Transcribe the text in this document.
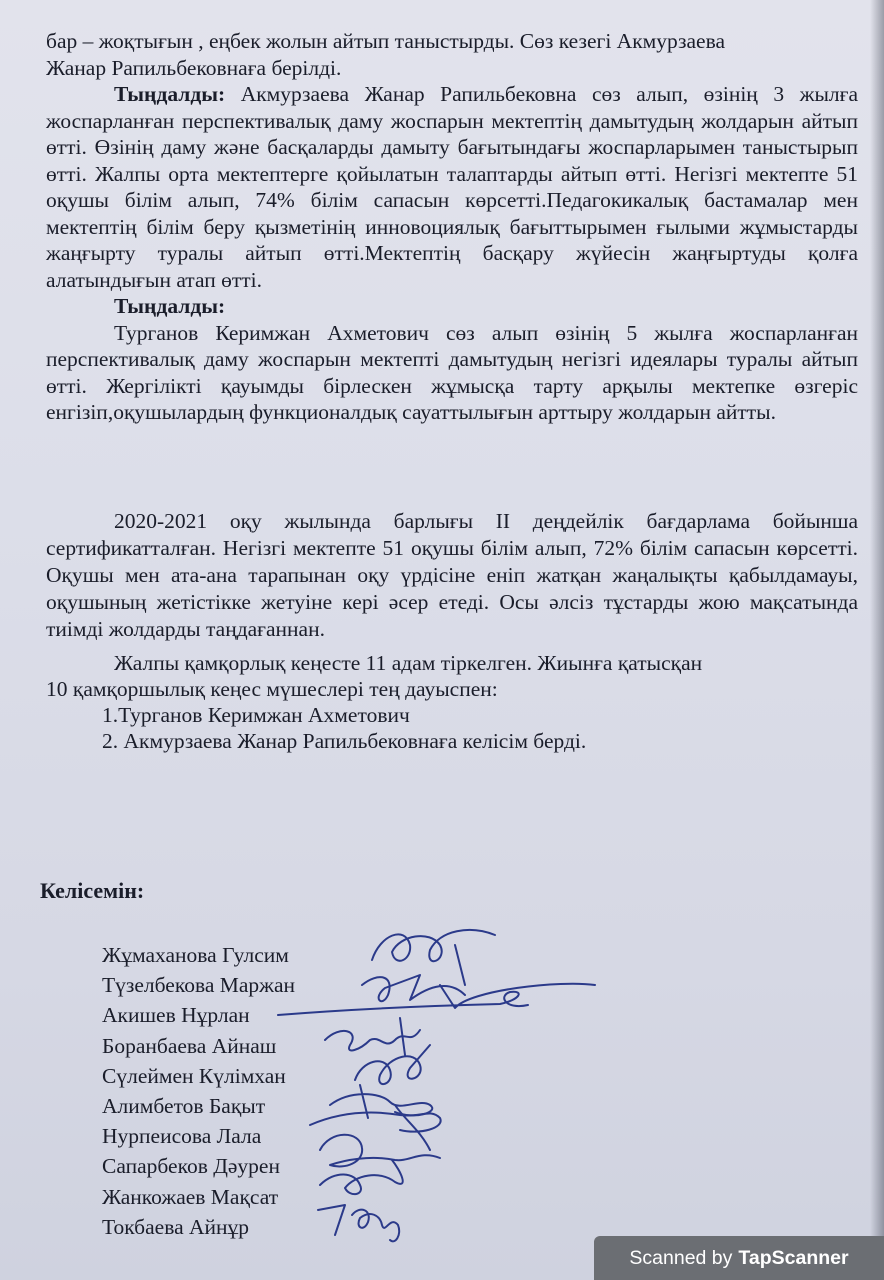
бар – жоқтығын , еңбек жолын айтып таныстырды. Сөз кезегі Акмурзаева

Жанар Рапильбековнаға берілді.

Тыңдалды: Акмурзаева Жанар Рапильбековна сөз алып, өзінің 3 жылға жоспарланған перспективалық даму жоспарын мектептің дамытудың жолдарын айтып өтті. Өзінің даму және басқаларды дамыту бағытындағы жоспарларымен таныстырып өтті. Жалпы орта мектептерге қойылатын талаптарды айтып өтті. Негізгі мектепте 51 оқушы білім алып, 74% білім сапасын көрсетті.Педагокикалық бастамалар мен мектептің білім беру қызметінің инновоциялық бағыттырымен ғылыми жұмыстарды жаңғырту туралы айтып өтті.Мектептің басқару жүйесін жаңғыртуды қолға алатындығын атап өтті.

Тыңдалды:

Турганов Керимжан Ахметович сөз алып өзінің 5 жылға жоспарланған перспективалық даму жоспарын мектепті дамытудың негізгі идеялары туралы айтып өтті. Жергілікті қауымды бірлескен жұмысқа тарту арқылы мектепке өзгеріс енгізіп,оқушылардың функционалдық сауаттылығын арттыру жолдарын айтты.

2020-2021 оқу жылында барлығы II деңдейлік бағдарлама бойынша сертификатталған. Негізгі мектепте 51 оқушы білім алып, 72% білім сапасын көрсетті. Оқушы мен ата-ана тарапынан оқу үрдісіне еніп жатқан жаңалықты қабылдамауы, оқушының жетістікке жетуіне кері әсер етеді. Осы әлсіз тұстарды жою мақсатында тиімді жолдарды таңдағаннан.

Жалпы қамқорлық кеңесте 11 адам тіркелген. Жиынға қатысқан

10 қамқоршылық кеңес мүшеслері тең дауыспен:

1.Турганов Керимжан Ахметович

2. Акмурзаева Жанар Рапильбековнаға келісім берді.

Келісемін:
Жұмаханова Гулсим
Түзелбекова Маржан
Акишев Нұрлан
Боранбаева Айнаш
Сүлеймен Күлімхан
Алимбетов Бақыт
Нурпеисова Лала
Сапарбеков Дәурен
Жанкожаев Мақсат
Токбаева Айнұр
Scanned by TapScanner
